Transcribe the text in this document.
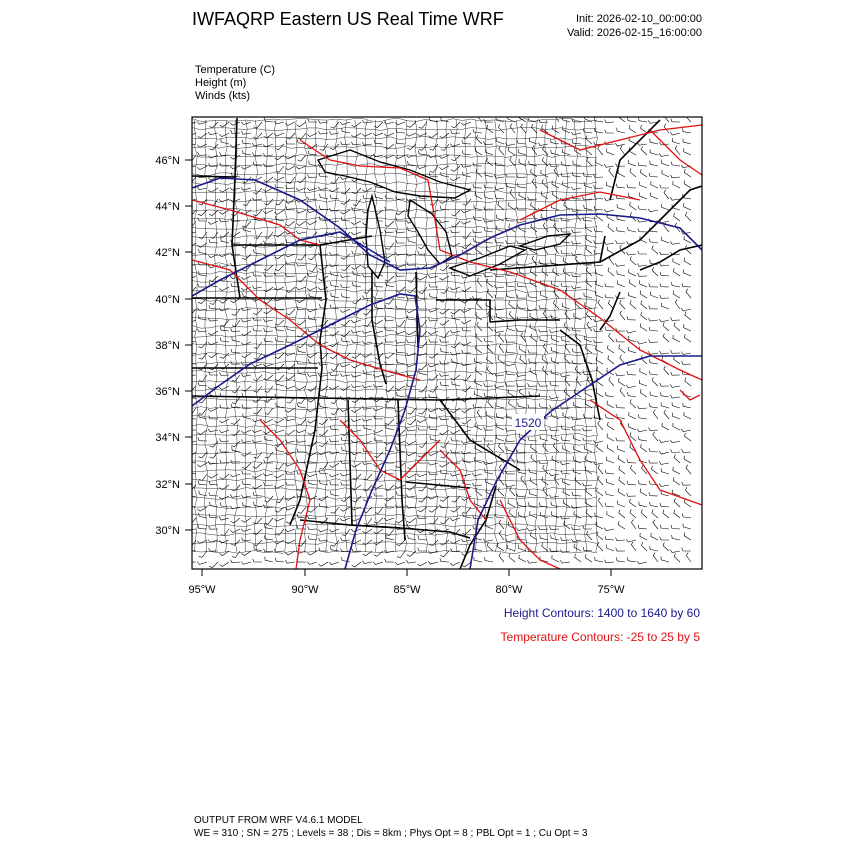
IWFAQRP Eastern US Real Time WRF	Init: 2026-02-10_00:00:00
Valid: 2026-02-15_16:00:00
Temperature (C)
Height (m)
Winds (kts)
1520
46°N
44°N
42°N
40°N
38°N
36°N
34°N
32°N
30°N
95°W	90°W	85°W	80°W	75°W
Height Contours: 1400 to 1640 by 60
Temperature Contours: -25 to 25 by 5
OUTPUT FROM WRF V4.6.1 MODEL
WE = 310 ; SN = 275 ; Levels = 38 ; Dis = 8km ; Phys Opt = 8 ; PBL Opt = 1 ; Cu Opt = 3
